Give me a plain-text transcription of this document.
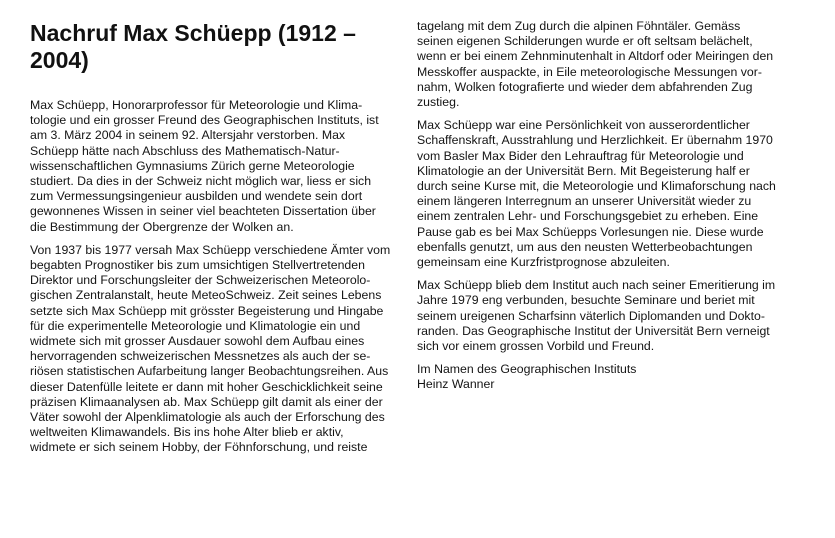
Nachruf Max Schüepp (1912 –
2004)

Max Schüepp, Honorarprofessor für Meteorologie und Klima-
tologie und ein grosser Freund des Geographischen Instituts, ist
am 3. März 2004 in seinem 92. Altersjahr verstorben. Max
Schüepp hätte nach Abschluss des Mathematisch-Natur-
wissenschaftlichen Gymnasiums Zürich gerne Meteorologie
studiert. Da dies in der Schweiz nicht möglich war, liess er sich
zum Vermessungsingenieur ausbilden und wendete sein dort
gewonnenes Wissen in seiner viel beachteten Dissertation über
die Bestimmung der Obergrenze der Wolken an.

Von 1937 bis 1977 versah Max Schüepp verschiedene Ämter vom
begabten Prognostiker bis zum umsichtigen Stellvertretenden
Direktor und Forschungsleiter der Schweizerischen Meteorolo-
gischen Zentralanstalt, heute MeteoSchweiz. Zeit seines Lebens
setzte sich Max Schüepp mit grösster Begeisterung und Hingabe
für die experimentelle Meteorologie und Klimatologie ein und
widmete sich mit grosser Ausdauer sowohl dem Aufbau eines
hervorragenden schweizerischen Messnetzes als auch der se-
riösen statistischen Aufarbeitung langer Beobachtungsreihen. Aus
dieser Datenfülle leitete er dann mit hoher Geschicklichkeit seine
präzisen Klimaanalysen ab. Max Schüepp gilt damit als einer der
Väter sowohl der Alpenklimatologie als auch der Erforschung des
weltweiten Klimawandels. Bis ins hohe Alter blieb er aktiv,
widmete er sich seinem Hobby, der Föhnforschung, und reiste

tagelang mit dem Zug durch die alpinen Föhntäler. Gemäss
seinen eigenen Schilderungen wurde er oft seltsam belächelt,
wenn er bei einem Zehnminutenhalt in Altdorf oder Meiringen den
Messkoffer auspackte, in Eile meteorologische Messungen vor-
nahm, Wolken fotografierte und wieder dem abfahrenden Zug
zustieg.

Max Schüepp war eine Persönlichkeit von ausserordentlicher
Schaffenskraft, Ausstrahlung und Herzlichkeit. Er übernahm 1970
vom Basler Max Bider den Lehrauftrag für Meteorologie und
Klimatologie an der Universität Bern. Mit Begeisterung half er
durch seine Kurse mit, die Meteorologie und Klimaforschung nach
einem längeren Interregnum an unserer Universität wieder zu
einem zentralen Lehr- und Forschungsgebiet zu erheben. Eine
Pause gab es bei Max Schüepps Vorlesungen nie. Diese wurde
ebenfalls genutzt, um aus den neusten Wetterbeobachtungen
gemeinsam eine Kurzfristprognose abzuleiten.

Max Schüepp blieb dem Institut auch nach seiner Emeritierung im
Jahre 1979 eng verbunden, besuchte Seminare und beriet mit
seinem ureigenen Scharfsinn väterlich Diplomanden und Dokto-
randen. Das Geographische Institut der Universität Bern verneigt
sich vor einem grossen Vorbild und Freund.

Im Namen des Geographischen Instituts
Heinz Wanner
